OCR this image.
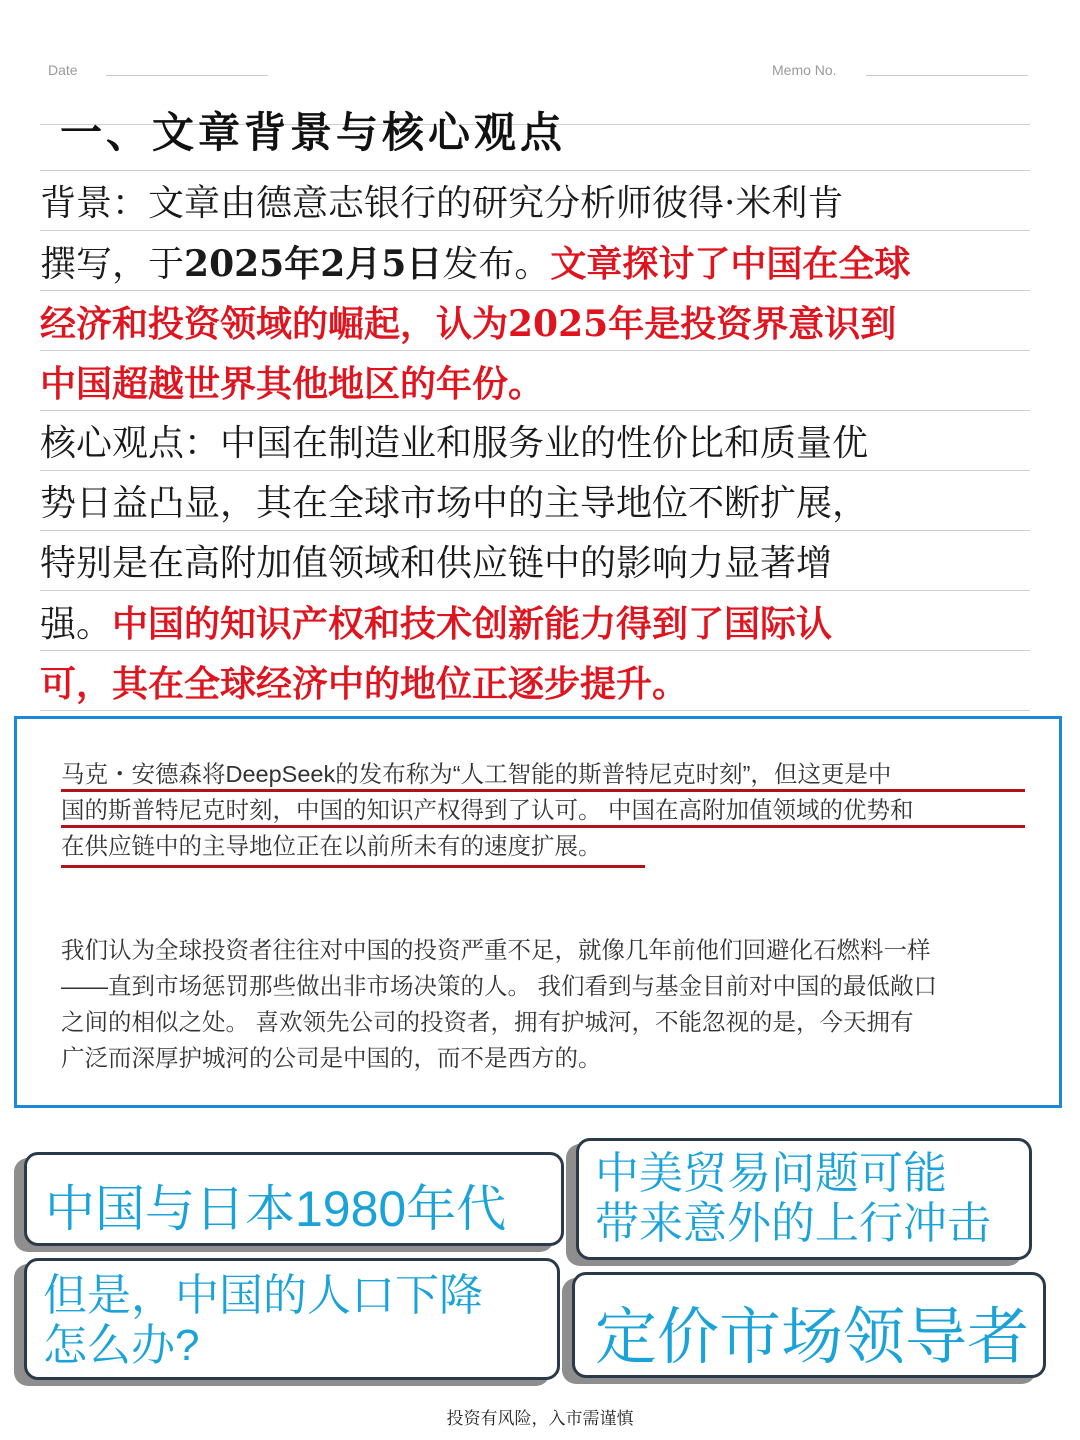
Date	Memo No.
一、文章背景与核心观点
背景：文章由德意志银行的研究分析师彼得·米利肯
撰写，于2025年2月5日发布。文章探讨了中国在全球
经济和投资领域的崛起，认为2025年是投资界意识到
中国超越世界其他地区的年份。
核心观点：中国在制造业和服务业的性价比和质量优
势日益凸显，其在全球市场中的主导地位不断扩展，
特别是在高附加值领域和供应链中的影响力显著增
强。中国的知识产权和技术创新能力得到了国际认
可，其在全球经济中的地位正逐步提升。
马克・安德森将DeepSeek的发布称为“人工智能的斯普特尼克时刻”，但这更是中
国的斯普特尼克时刻，中国的知识产权得到了认可。 中国在高附加值领域的优势和
在供应链中的主导地位正在以前所未有的速度扩展。
我们认为全球投资者往往对中国的投资严重不足，就像几年前他们回避化石燃料一样
——直到市场惩罚那些做出非市场决策的人。 我们看到与基金目前对中国的最低敞口
之间的相似之处。 喜欢领先公司的投资者，拥有护城河，不能忽视的是，今天拥有
广泛而深厚护城河的公司是中国的，而不是西方的。
中国与日本1980年代
中美贸易问题可能
带来意外的上行冲击
但是，中国的人口下降
怎么办?	定价市场领导者
投资有风险，入市需谨慎
